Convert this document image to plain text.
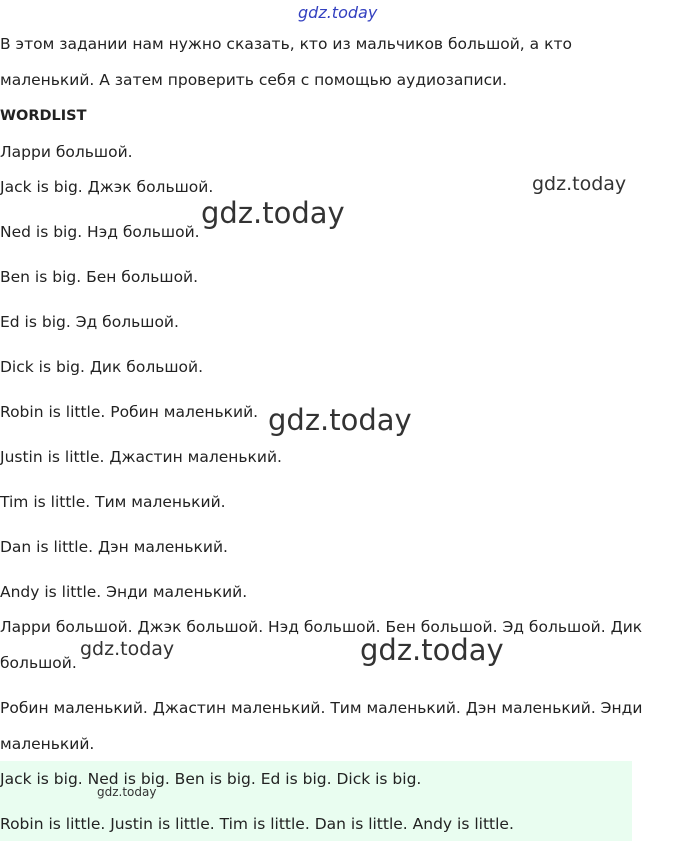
gdz.today

В этом задании нам нужно сказать, кто из мальчиков большой, а кто

маленький. А затем проверить себя с помощью аудиозаписи.

WORDLIST

Ларри большой.

Jack is big. Джэк большой.

Ned is big. Нэд большой.

Ben is big. Бен большой.

Ed is big. Эд большой.

Dick is big. Дик большой.

Robin is little. Робин маленький.

Justin is little. Джастин маленький.

Tim is little. Тим маленький.

Dan is little. Дэн маленький.

Andy is little. Энди маленький.

Ларри большой. Джэк большой. Нэд большой. Бен большой. Эд большой. Дик

большой.

Робин маленький. Джастин маленький. Тим маленький. Дэн маленький. Энди

маленький.

Jack is big. Ned is big. Ben is big. Ed is big. Dick is big.

Robin is little. Justin is little. Tim is little. Dan is little. Andy is little.

gdz.today
gdz.today
gdz.today
gdz.today	gdz.today
gdz.today
